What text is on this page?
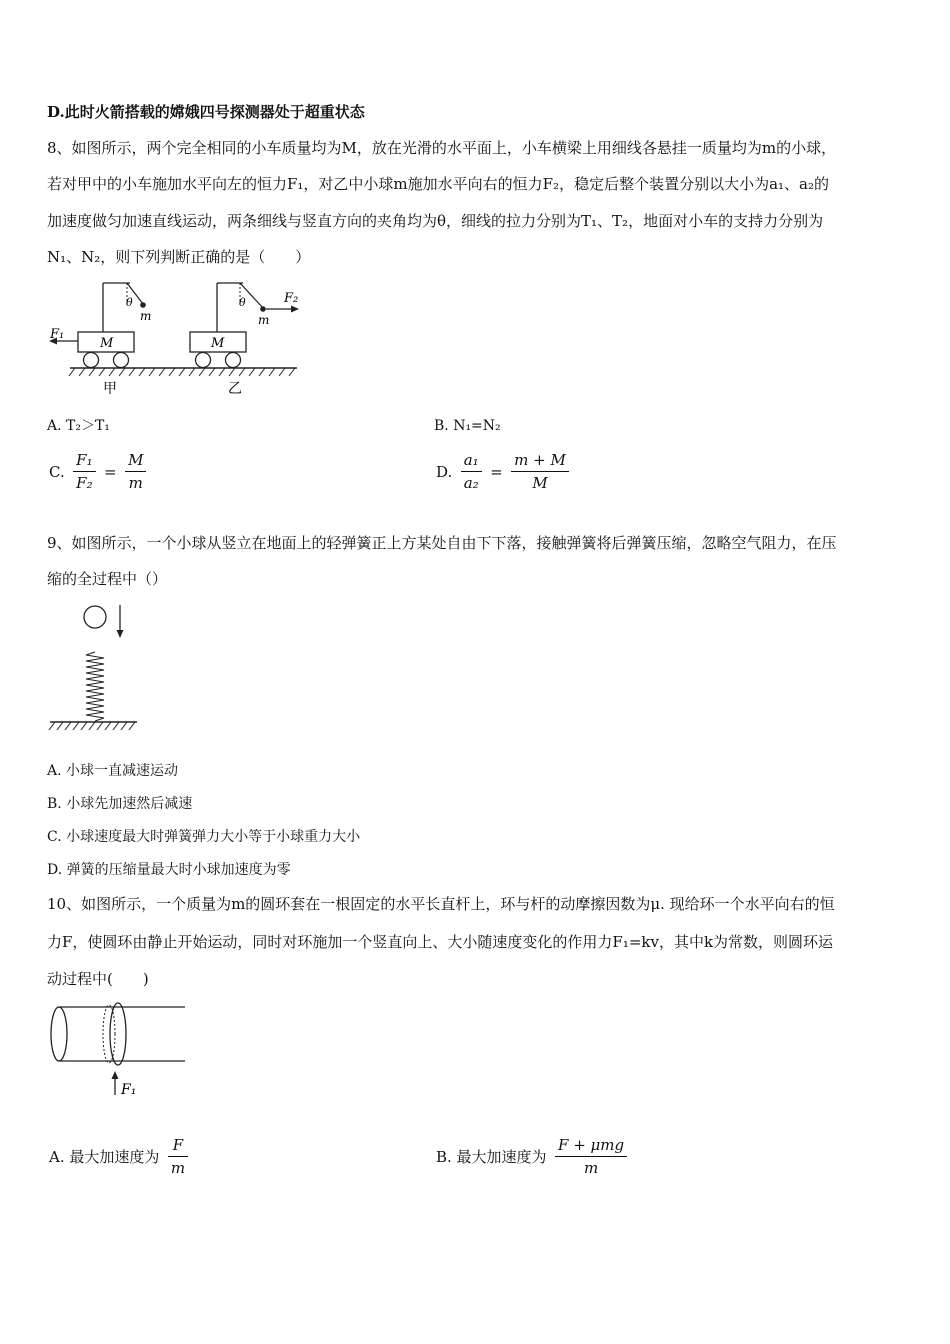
D.此时火箭搭载的嫦娥四号探测器处于超重状态
8、如图所示，两个完全相同的小车质量均为M，放在光滑的水平面上，小车横梁上用细线各悬挂一质量均为m的小球，
若对甲中的小车施加水平向左的恒力F₁，对乙中小球m施加水平向右的恒力F₂，稳定后整个装置分别以大小为a₁、a₂的
加速度做匀加速直线运动，两条细线与竖直方向的夹角均为θ，细线的拉力分别为T₁、T₂，地面对小车的支持力分别为
N₁、N₂，则下列判断正确的是（　　）
M
θ
m
F₁
M
θ
m
F₂
甲	乙
A. T₂＞T₁	B. N₁=N₂
C. $\frac{\text{F₁}}{\text{F₂}} = \frac{M}{m}$	D. $\frac{\text{a₁}}{\text{a₂}} = \frac{m + M}{M}$
9、如图所示，一个小球从竖立在地面上的轻弹簧正上方某处自由下下落，接触弹簧将后弹簧压缩，忽略空气阻力，在压
缩的全过程中（）
A. 小球一直减速运动
B. 小球先加速然后减速
C. 小球速度最大时弹簧弹力大小等于小球重力大小
D. 弹簧的压缩量最大时小球加速度为零
10、如图所示，一个质量为m的圆环套在一根固定的水平长直杆上，环与杆的动摩擦因数为μ. 现给环一个水平向右的恒
力F，使圆环由静止开始运动，同时对环施加一个竖直向上、大小随速度变化的作用力F₁=kv，其中k为常数，则圆环运
动过程中(　　)
F₁
A. 最大加速度为 $\frac{F}{m}$	B. 最大加速度为 $\frac{\text{F + μmg}}{m}$
